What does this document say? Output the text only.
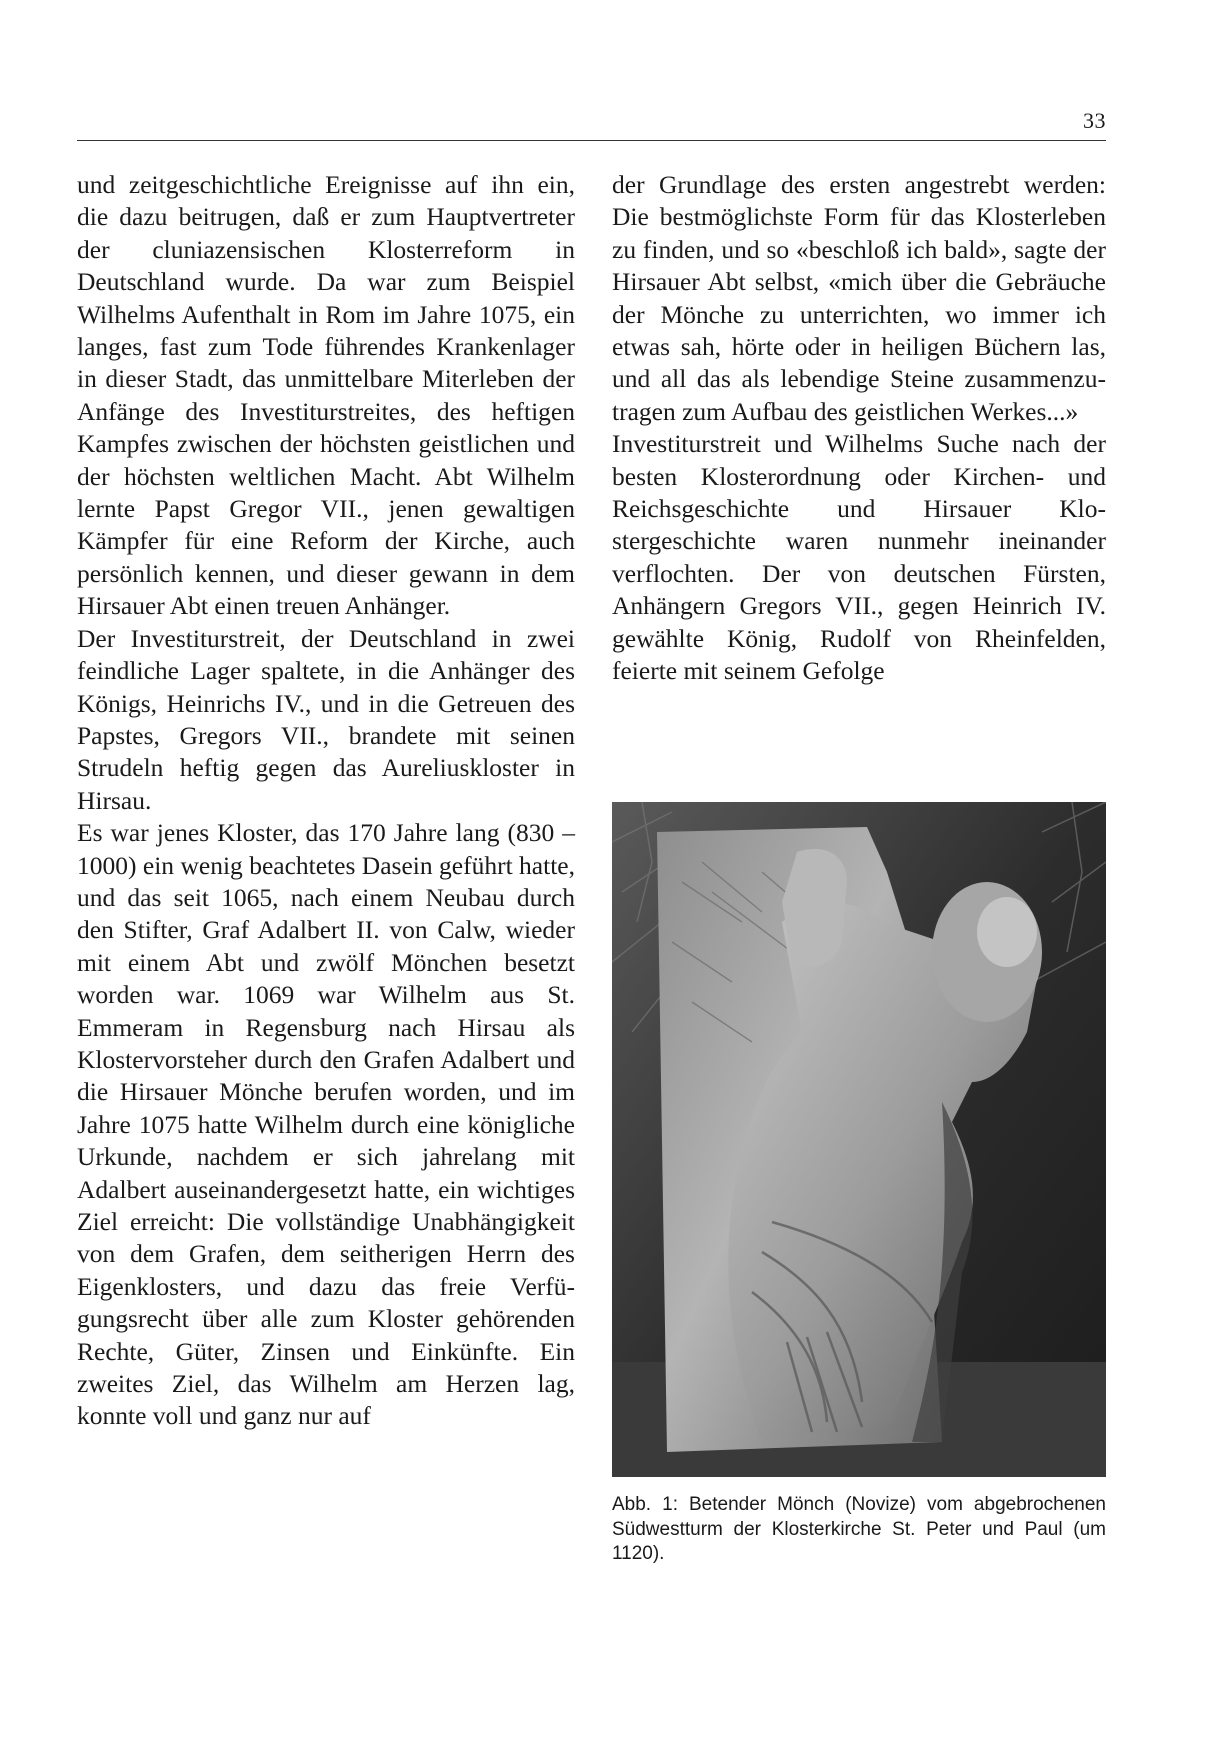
33

und zeitgeschichtliche Ereignisse auf ihn ein, die dazu beitrugen, daß er zum Hauptvertreter der cluniazensischen Klosterreform in Deutschland wurde. Da war zum Beispiel Wilhelms Aufenthalt in Rom im Jahre 1075, ein langes, fast zum Tode führendes Krankenlager in dieser Stadt, das unmittelbare Miterleben der Anfänge des Investiturstreites, des heftigen Kampfes zwischen der höchsten geistlichen und der höchsten weltlichen Macht. Abt Wilhelm lernte Papst Gregor VII., jenen gewaltigen Kämpfer für eine Reform der Kirche, auch persönlich kennen, und dieser gewann in dem Hirsauer Abt einen treuen Anhänger.

Der Investiturstreit, der Deutschland in zwei feindliche Lager spaltete, in die Anhänger des Königs, Heinrichs IV., und in die Getreuen des Papstes, Gregors VII., brandete mit seinen Strudeln heftig gegen das Aureliuskloster in Hirsau.

Es war jenes Kloster, das 170 Jahre lang (830 – 1000) ein wenig beachtetes Dasein geführt hatte, und das seit 1065, nach einem Neubau durch den Stifter, Graf Adalbert II. von Calw, wieder mit einem Abt und zwölf Mönchen besetzt worden war. 1069 war Wilhelm aus St. Emmeram in Regensburg nach Hirsau als Klostervorsteher durch den Grafen Adalbert und die Hirsauer Mönche berufen worden, und im Jahre 1075 hatte Wilhelm durch eine königliche Urkunde, nachdem er sich jahrelang mit Adalbert auseinandergesetzt hatte, ein wichtiges Ziel erreicht: Die vollständige Unabhängigkeit von dem Grafen, dem seitherigen Herrn des Eigenklosters, und dazu das freie Verfügungsrecht über alle zum Kloster gehörenden Rechte, Güter, Zinsen und Einkünfte. Ein zweites Ziel, das Wilhelm am Herzen lag, konnte voll und ganz nur auf

der Grundlage des ersten angestrebt werden: Die bestmöglichste Form für das Klosterleben zu finden, und so «beschloß ich bald», sagte der Hirsauer Abt selbst, «mich über die Gebräuche der Mönche zu unterrichten, wo immer ich etwas sah, hörte oder in heiligen Büchern las, und all das als lebendige Steine zusammenzutragen zum Aufbau des geistlichen Werkes...»

Investiturstreit und Wilhelms Suche nach der besten Klosterordnung oder Kirchen- und Reichsgeschichte und Hirsauer Klostergeschichte waren nunmehr ineinander verflochten. Der von deutschen Fürsten, Anhängern Gregors VII., gegen Heinrich IV. gewählte König, Rudolf von Rheinfelden, feierte mit seinem Gefolge

Abb. 1: Betender Mönch (Novize) vom abgebrochenen Südwestturm der Klosterkirche St. Peter und Paul (um 1120).
